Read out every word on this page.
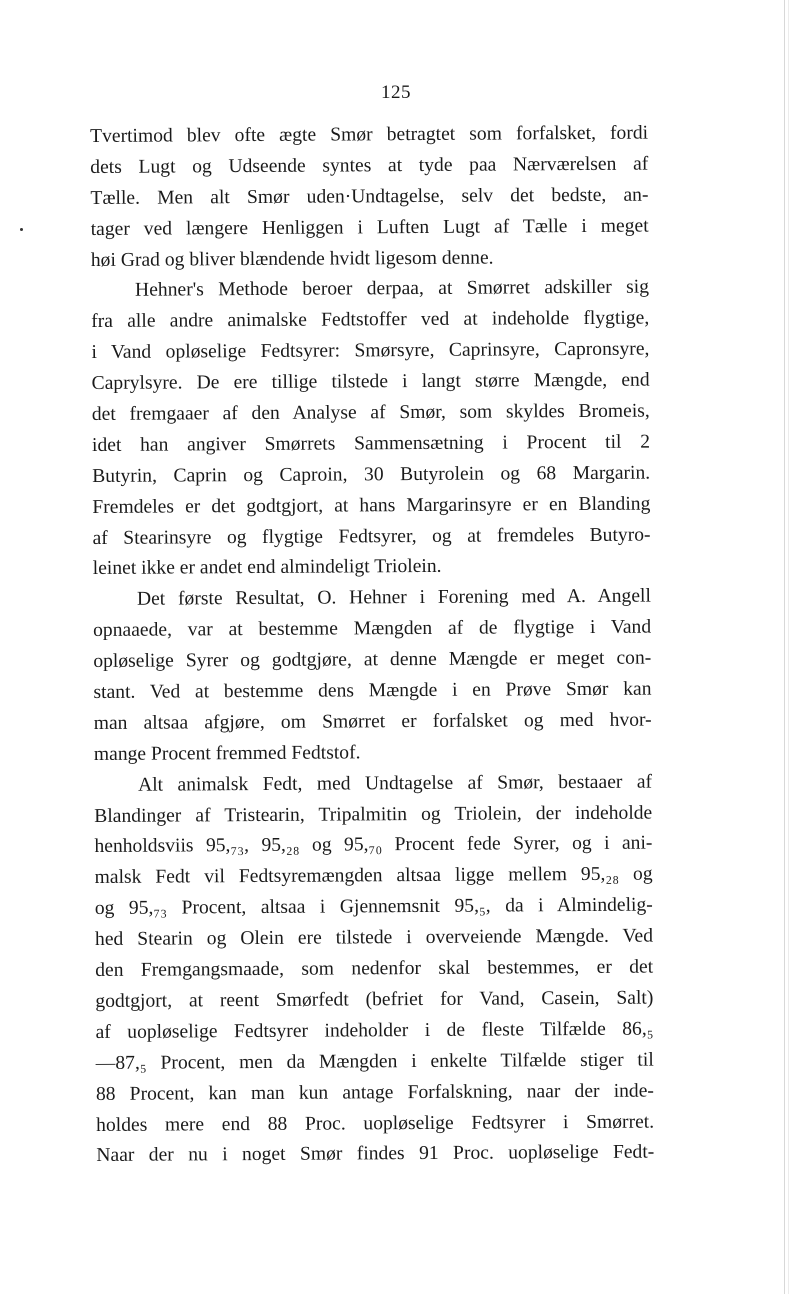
125
Tvertimod blev ofte ægte Smør betragtet som forfalsket, fordi
dets Lugt og Udseende syntes at tyde paa Nærværelsen af
Tælle. Men alt Smør uden·Undtagelse, selv det bedste, an-
tager ved længere Henliggen i Luften Lugt af Tælle i meget
høi Grad og bliver blændende hvidt ligesom denne.
Hehner's Methode beroer derpaa, at Smørret adskiller sig
fra alle andre animalske Fedtstoffer ved at indeholde flygtige,
i Vand opløselige Fedtsyrer: Smørsyre, Caprinsyre, Capronsyre,
Caprylsyre. De ere tillige tilstede i langt større Mængde, end
det fremgaaer af den Analyse af Smør, som skyldes Bromeis,
idet han angiver Smørrets Sammensætning i Procent til 2
Butyrin, Caprin og Caproin, 30 Butyrolein og 68 Margarin.
Fremdeles er det godtgjort, at hans Margarinsyre er en Blanding
af Stearinsyre og flygtige Fedtsyrer, og at fremdeles Butyro-
leinet ikke er andet end almindeligt Triolein.
Det første Resultat, O. Hehner i Forening med A. Angell
opnaaede, var at bestemme Mængden af de flygtige i Vand
opløselige Syrer og godtgjøre, at denne Mængde er meget con-
stant. Ved at bestemme dens Mængde i en Prøve Smør kan
man altsaa afgjøre, om Smørret er forfalsket og med hvor-
mange Procent fremmed Fedtstof.
Alt animalsk Fedt, med Undtagelse af Smør, bestaaer af
Blandinger af Tristearin, Tripalmitin og Triolein, der indeholde
henholdsviis 95,₇₃, 95,₂₈ og 95,₇₀ Procent fede Syrer, og i ani-
malsk Fedt vil Fedtsyremængden altsaa ligge mellem 95,₂₈ og
og 95,₇₃ Procent, altsaa i Gjennemsnit 95,₅, da i Almindelig-
hed Stearin og Olein ere tilstede i overveiende Mængde. Ved
den Fremgangsmaade, som nedenfor skal bestemmes, er det
godtgjort, at reent Smørfedt (befriet for Vand, Casein, Salt)
af uopløselige Fedtsyrer indeholder i de fleste Tilfælde 86,₅
—87,₅ Procent, men da Mængden i enkelte Tilfælde stiger til
88 Procent, kan man kun antage Forfalskning, naar der inde-
holdes mere end 88 Proc. uopløselige Fedtsyrer i Smørret.
Naar der nu i noget Smør findes 91 Proc. uopløselige Fedt-
